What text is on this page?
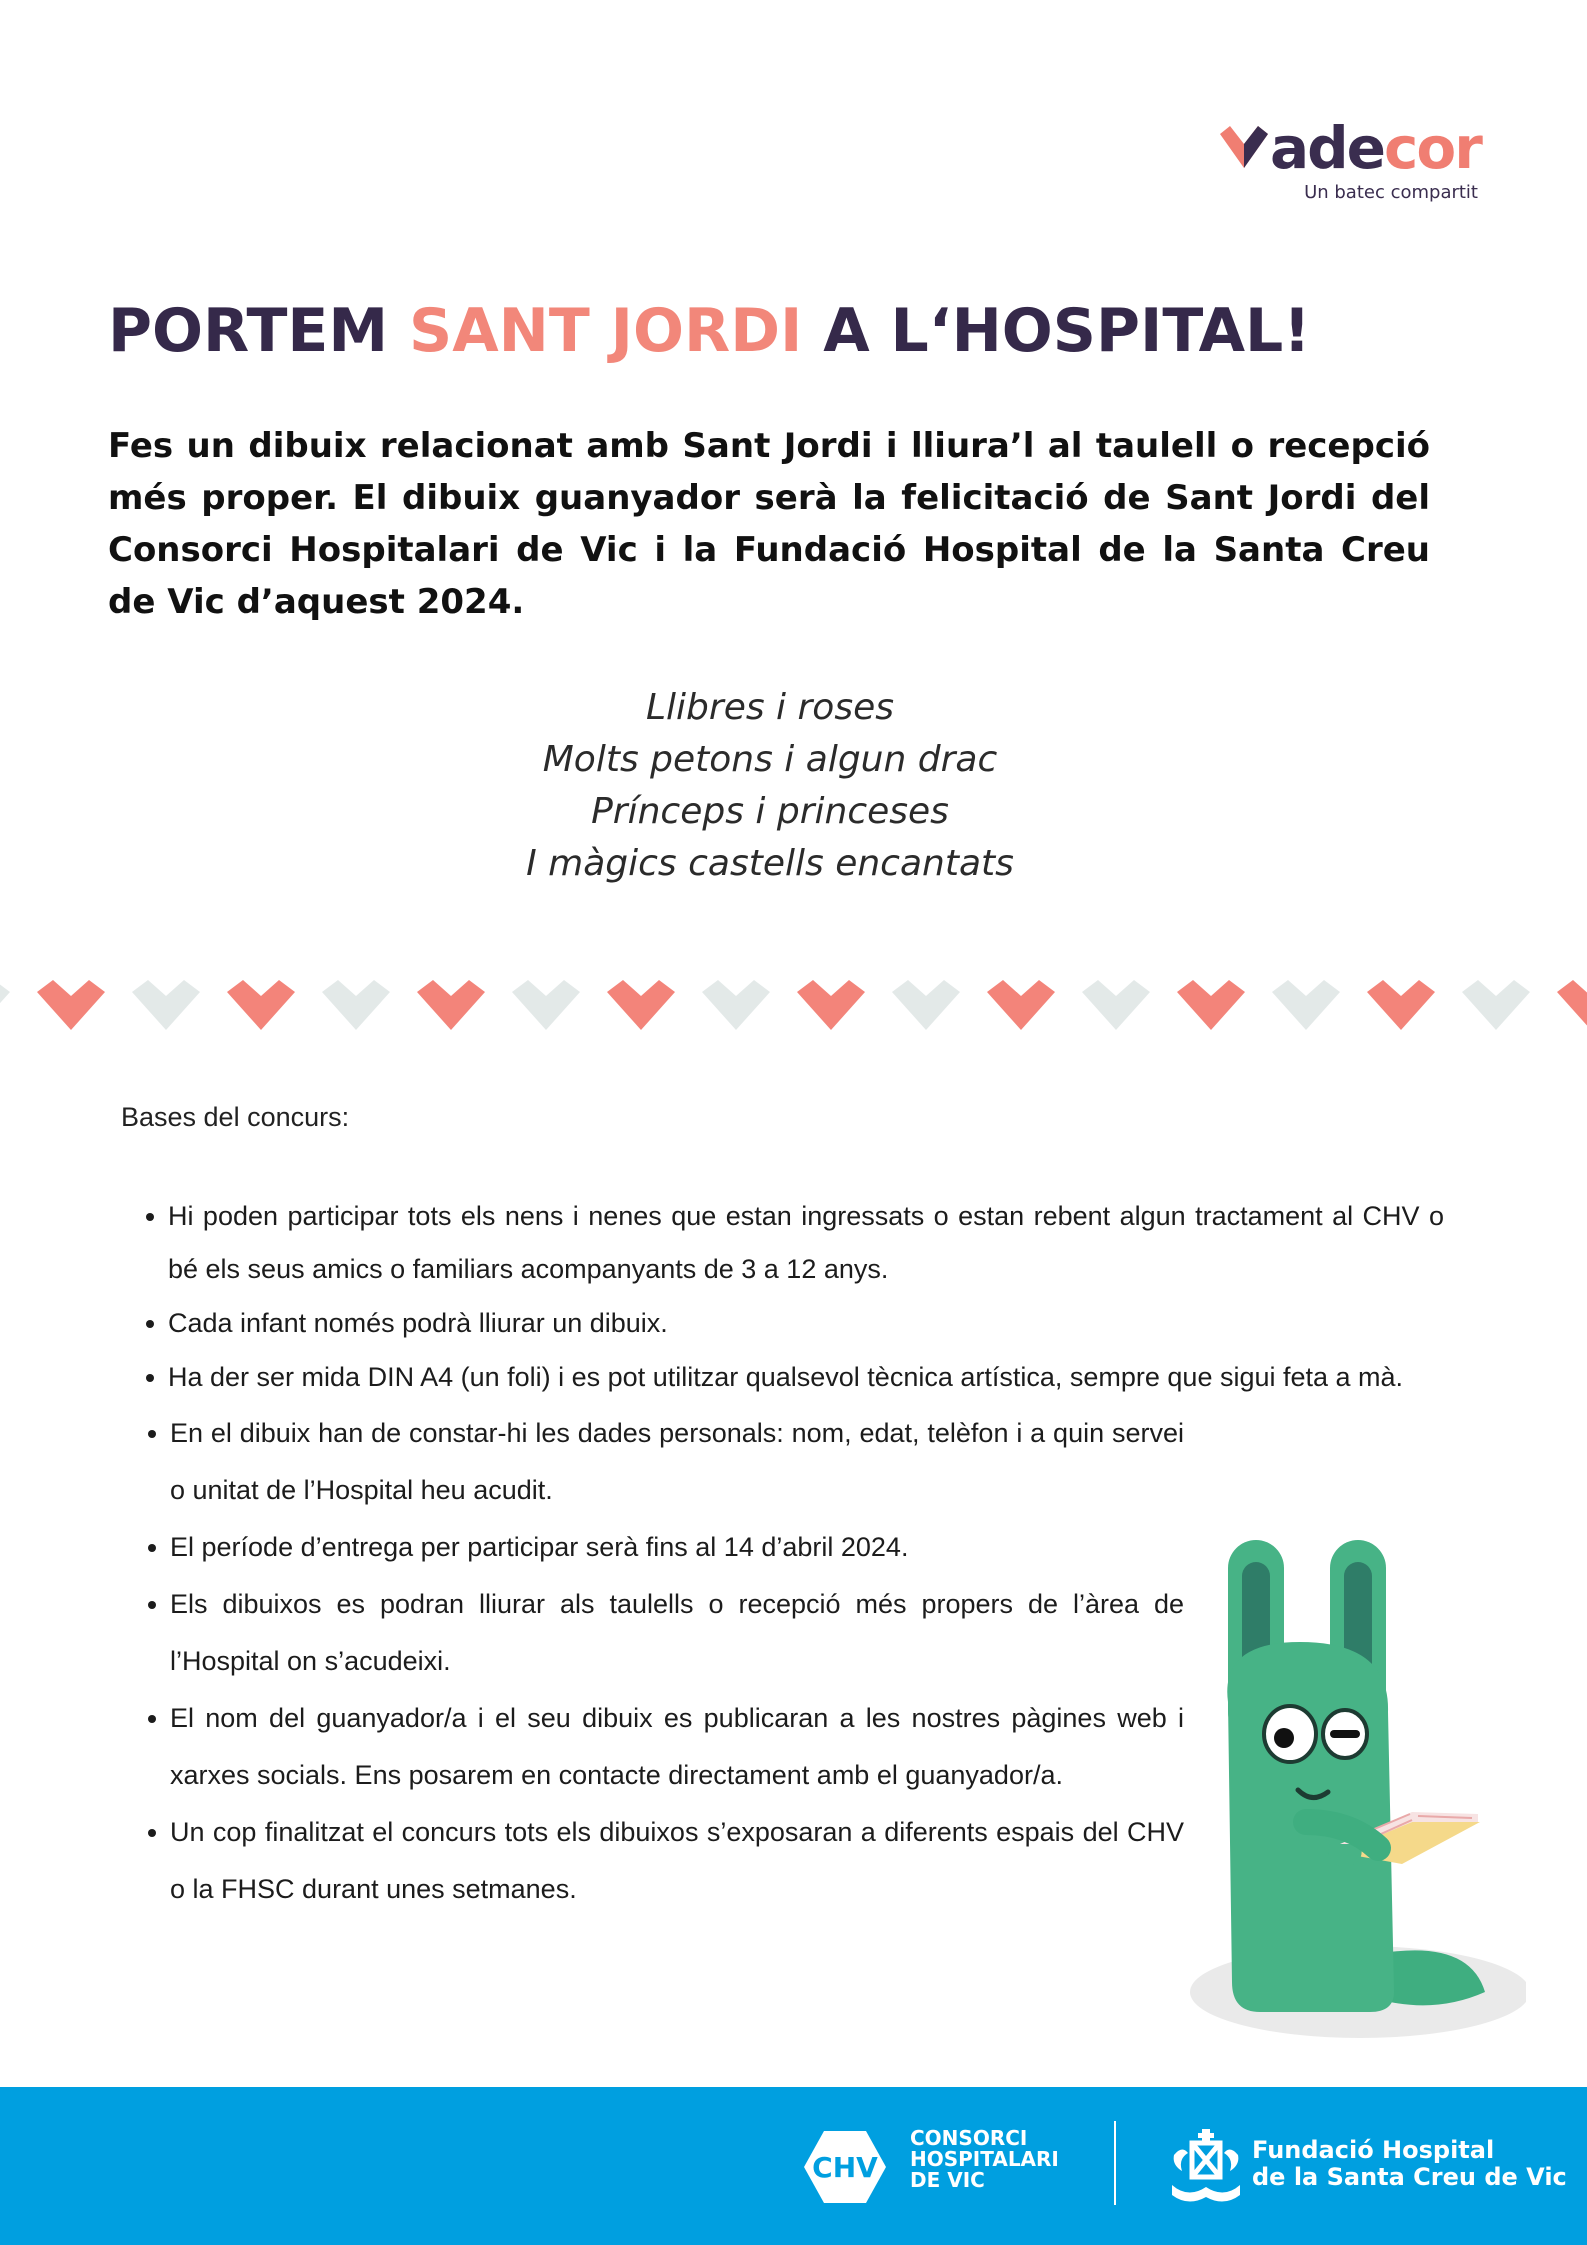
adecor
Un batec compartit
PORTEM SANT JORDI A L‘HOSPITAL!

Fes un dibuix relacionat amb Sant Jordi i lliura’l al taulell o recepció més proper. El dibuix guanyador serà la felicitació de Sant Jordi del Consorci Hospitalari de Vic i la Fundació Hospital de la Santa Creu de Vic d’aquest 2024.

Llibres i roses
Molts petons i algun drac
Prínceps i princeses
I màgics castells encantats
Bases del concurs:
Hi poden participar tots els nens i nenes que estan ingressats o estan rebent algun tractament al CHV o bé els seus amics o familiars acompanyants de 3 a 12 anys.
Cada infant només podrà lliurar un dibuix.
Ha der ser mida DIN A4 (un foli) i es pot utilitzar qualsevol tècnica artística, sempre que sigui feta a mà.
En el dibuix han de constar-hi les dades personals: nom, edat, telèfon i a quin servei o unitat de l’Hospital heu acudit.
El període d’entrega per participar serà fins al 14 d’abril 2024.
Els dibuixos es podran lliurar als taulells o recepció més propers de l’àrea de l’Hospital on s’acudeixi.
El nom del guanyador/a i el seu dibuix es publicaran a les nostres pàgines web i xarxes socials. Ens posarem en contacte directament amb el guanyador/a.
Un cop finalitzat el concurs tots els dibuixos s’exposaran a diferents espais del CHV o la FHSC durant unes setmanes.
CHV
CONSORCI
HOSPITALARI
DE VIC
Fundació Hospital
de la Santa Creu de Vic
